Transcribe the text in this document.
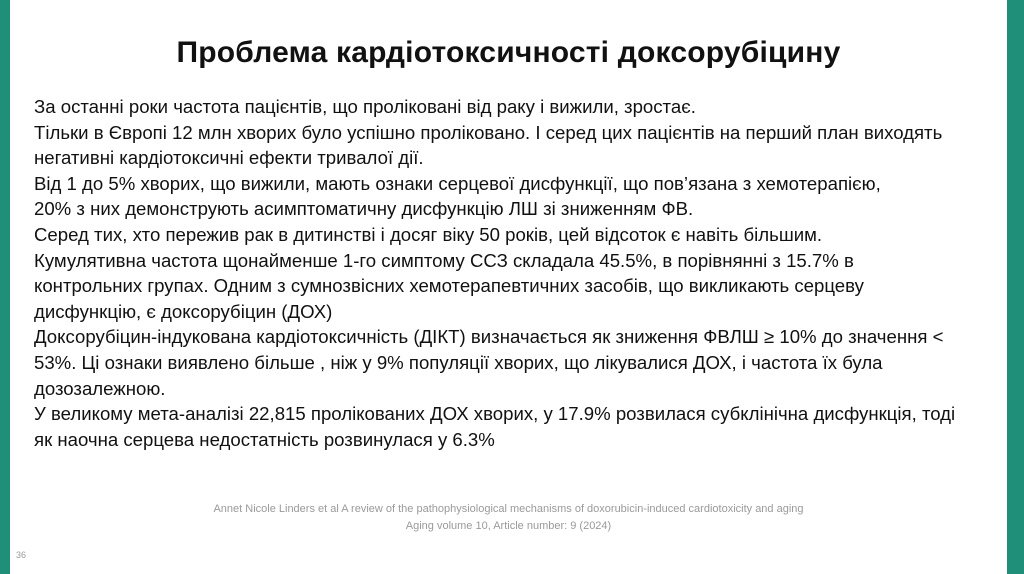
Проблема кардіотоксичності доксорубіцину

За останні роки частота пацієнтів, що проліковані від раку і вижили, зростає.

Тільки в Європі 12 млн хворих було успішно проліковано. І серед цих пацієнтів на перший план виходять негативні кардіотоксичні ефекти тривалої дії.

Від 1 до 5% хворих, що вижили, мають ознаки серцевої дисфункції, що пов’язана з хемотерапією,

20% з них демонструють асимптоматичну дисфункцію ЛШ зі зниженням ФВ.

Серед тих, хто пережив рак в дитинстві і досяг віку 50 років, цей відсоток є навіть більшим.

Кумулятивна частота щонайменше 1-го симптому ССЗ складала 45.5%, в порівнянні з 15.7% в контрольних групах. Одним з сумнозвісних хемотерапевтичних засобів, що викликають серцеву дисфункцію, є доксорубіцин (ДОХ)

Доксорубіцин-індукована кардіотоксичність (ДІКТ) визначається як зниження ФВЛШ ≥ 10% до значення < 53%. Ці ознаки виявлено більше , ніж у 9% популяції хворих, що лікувалися ДОХ, і частота їх була дозозалежною.

У великому мета-аналізі 22,815 пролікованих ДОХ хворих, у 17.9% розвилася субклінічна дисфункція, тоді як наочна серцева недостатність розвинулася у 6.3%

Annet Nicole Linders et al A review of the pathophysiological mechanisms of doxorubicin-induced cardiotoxicity and aging
Aging volume 10, Article number: 9 (2024)
36
